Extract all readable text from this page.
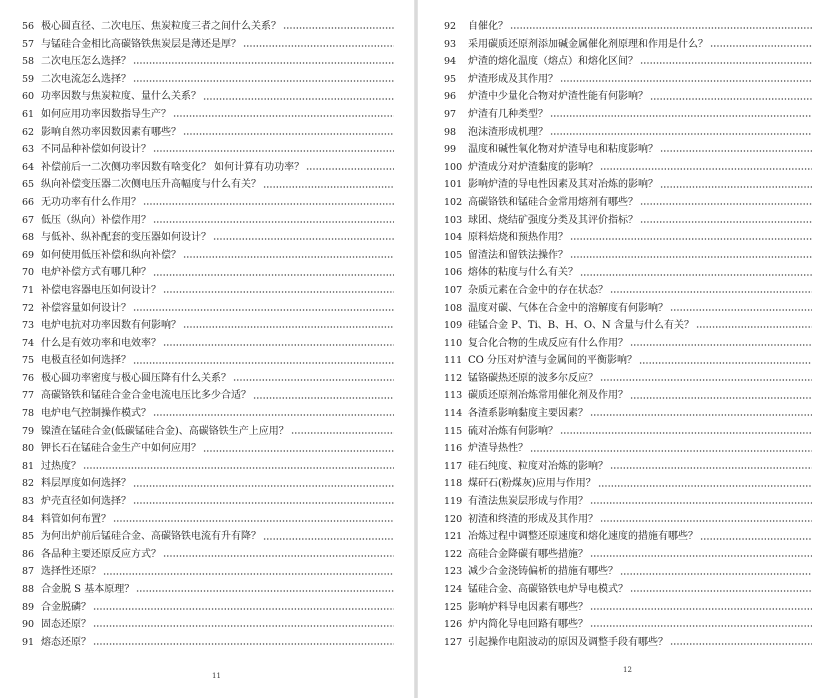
56 极心圆直径、二次电压、焦炭粒度三者之间什么关系？
57 与锰硅合金相比高碳铬铁焦炭层是薄还是厚？
58 二次电压怎么选择？
59 二次电流怎么选择？
60 功率因数与焦炭粒度、量什么关系？
61 如何应用功率因数指导生产？
62 影响自然功率因数因素有哪些？
63 不同品种补偿如何设计？
64 补偿前后一二次侧功率因数有啥变化？ 如何计算有功功率？
65 纵向补偿变压器二次侧电压升高幅度与什么有关？
66 无功功率有什么作用？
67 低压（纵向）补偿作用？
68 与低补、纵补配套的变压器如何设计？
69 如何使用低压补偿和纵向补偿？
70 电炉补偿方式有哪几种？
71 补偿电容器电压如何设计？
72 补偿容量如何设计？
73 电炉电抗对功率因数有何影响？
74 什么是有效功率和电效率？
75 电极直径如何选择？
76 极心圆功率密度与极心圆压降有什么关系？
77 高碳铬铁和锰硅合金合金电流电压比多少合适？
78 电炉电气控制操作模式？
79 镍渣在锰硅合金(低碳锰硅合金)、高碳铬铁生产上应用？
80 钾长石在锰硅合金生产中如何应用？
81 过热度？
82 料层厚度如何选择？
83 炉壳直径如何选择？
84 料管如何布置？
85 为何出炉前后锰硅合金、高碳铬铁电流有升有降？
86 各品种主要还原反应方式？
87 选择性还原？
88 合金脱 S 基本原理？
89 合金脱磷？
90 固态还原？
91 熔态还原？
11
92	自催化？
93	采用碳质还原剂添加碱金属催化剂原理和作用是什么？
94	炉渣的熔化温度（熔点）和熔化区间？
95	炉渣形成及其作用？
96	炉渣中少量化合物对炉渣性能有何影响？
97	炉渣有几种类型？
98	泡沫渣形成机理？
99	温度和碱性氧化物对炉渣导电和粘度影响？
100 炉渣成分对炉渣黏度的影响？
101 影响炉渣的导电性因素及其对冶炼的影响？
102 高碳铬铁和锰硅合金常用熔剂有哪些？
103 球团、烧结矿强度分类及其评价指标？
104 原料焙烧和预热作用？
105 留渣法和留铁法操作？
106 熔体的粘度与什么有关？
107 杂质元素在合金中的存在状态？
108 温度对碳、气体在合金中的溶解度有何影响？
109 硅锰合金 P、Ti、B、H、O、N 含量与什么有关？
110 复合化合物的生成反应有什么作用？
111 CO 分压对炉渣与金属间的平衡影响？
112 锰铬碳热还原的波多尔反应？
113 碳质还原剂冶炼常用催化剂及作用？
114 各渣系影响黏度主要因素？
115 硫对冶炼有何影响？
116 炉渣导热性？
117 硅石纯度、粒度对冶炼的影响？
118 煤矸石(粉煤灰)应用与作用？
119 有渣法焦炭层形成与作用？
120 初渣和终渣的形成及其作用？
121 冶炼过程中调整还原速度和熔化速度的措施有哪些？
122 高硅合金降碳有哪些措施？
123 减少合金浇铸偏析的措施有哪些？
124 锰硅合金、高碳铬铁电炉导电模式？
125 影响炉料导电因素有哪些？
126 炉内简化导电回路有哪些？
127 引起操作电阻波动的原因及调整手段有哪些？
12
